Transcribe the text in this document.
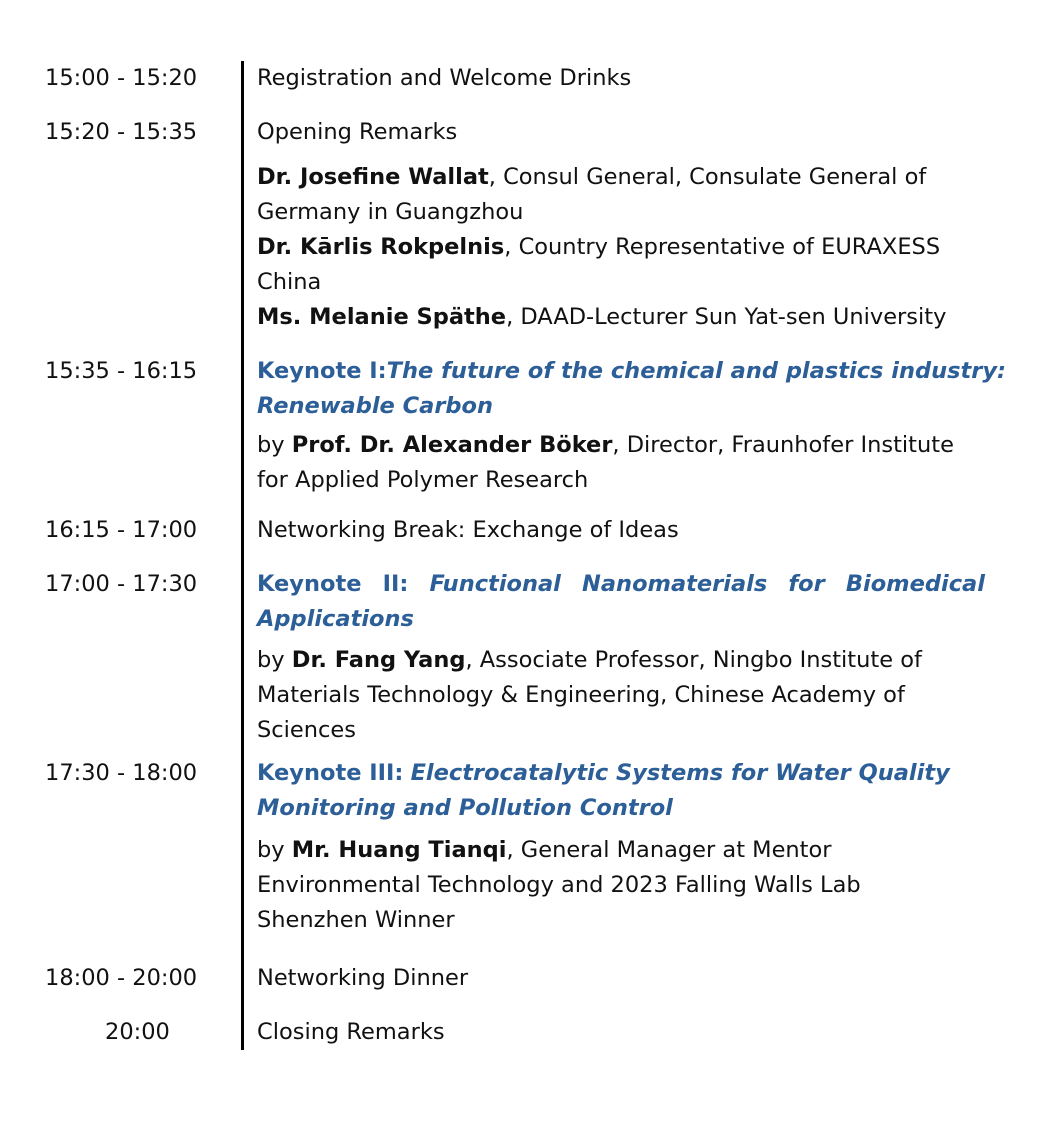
15:00 - 15:20	Registration and Welcome Drinks
15:20 - 15:35	Opening Remarks
Dr. Josefine Wallat, Consul General, Consulate General of
Germany in Guangzhou
Dr. Kārlis Rokpelnis, Country Representative of EURAXESS
China
Ms. Melanie Späthe, DAAD-Lecturer Sun Yat-sen University
15:35 - 16:15	Keynote I: The future of the chemical and plastics industry:
Renewable Carbon
by Prof. Dr. Alexander Böker, Director, Fraunhofer Institute
for Applied Polymer Research
16:15 - 17:00	Networking Break: Exchange of Ideas
17:00 - 17:30	Keynote II: Functional Nanomaterials for Biomedical
Applications
by Dr. Fang Yang, Associate Professor, Ningbo Institute of
Materials Technology & Engineering, Chinese Academy of
Sciences
17:30 - 18:00	Keynote III: Electrocatalytic Systems for Water Quality
Monitoring and Pollution Control
by Mr. Huang Tianqi, General Manager at Mentor
Environmental Technology and 2023 Falling Walls Lab
Shenzhen Winner
18:00 - 20:00	Networking Dinner
20:00	Closing Remarks
